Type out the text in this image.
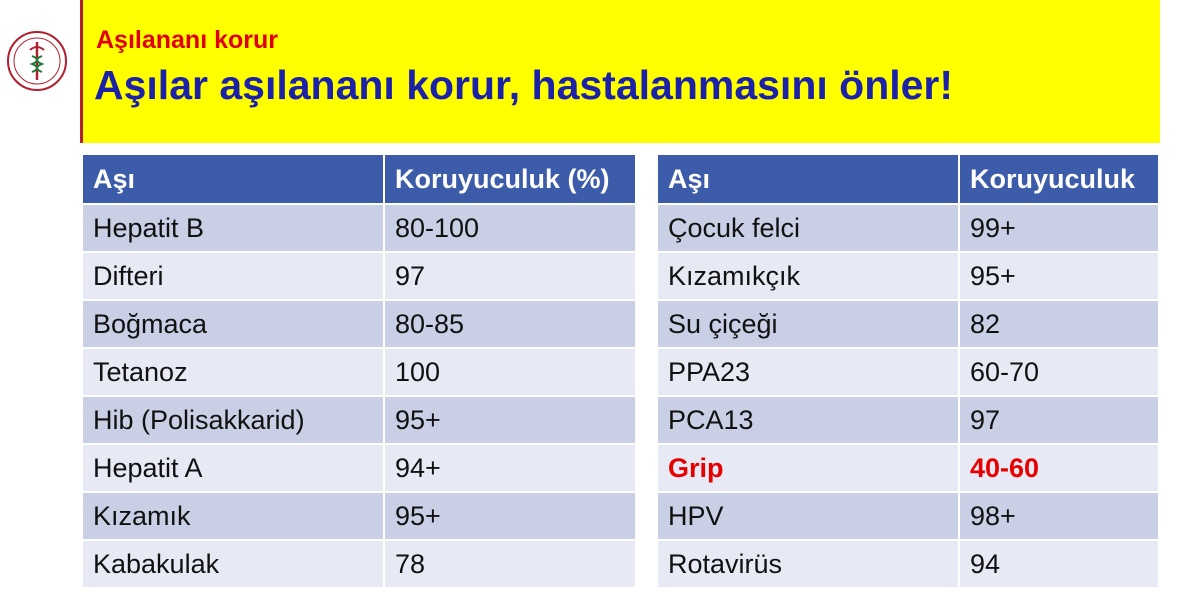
Aşılananı korur
Aşılar aşılananı korur, hastalanmasını önler!
Aşı	Koruyuculuk (%)
Hepatit B	80-100
Difteri	97
Boğmaca	80-85
Tetanoz	100
Hib (Polisakkarid)	95+
Hepatit A	94+
Kızamık	95+
Kabakulak	78
Aşı	Koruyuculuk
Çocuk felci	99+
Kızamıkçık	95+
Su çiçeği	82
PPA23	60-70
PCA13	97
Grip	40-60
HPV	98+
Rotavirüs	94
